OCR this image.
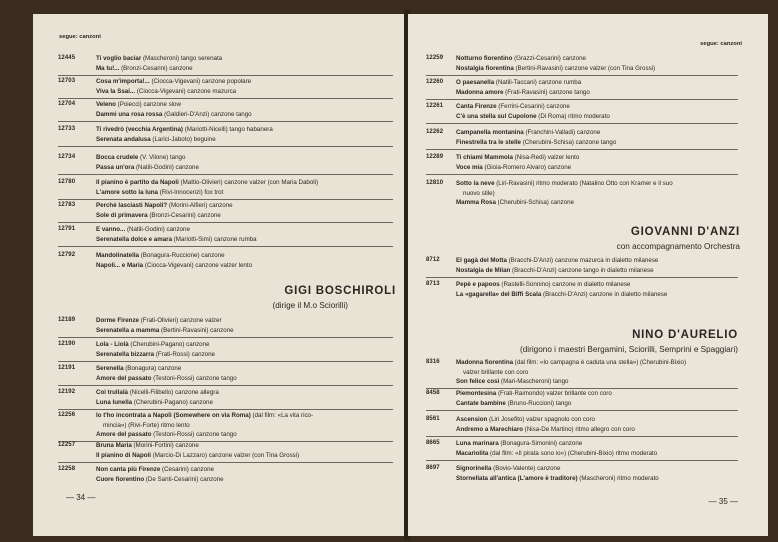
segue: canzoni
12445	Ti voglio baciar (Mascheroni) tango serenata
Ma tu!... (Bronzi-Cesarini) canzone
12703	Cosa m'importa!... (Ciocca-Vigevani) canzone popolare
Viva la Ssai... (Ciocca-Vigevani) canzone mazurca
12704	Veleno (Poiecci) canzone slow
Dammi una rosa rossa (Galdieri-D'Anzi) canzone tango
12733	Ti rivedrò (vecchia Argentina) (Mariotti-Nicelli) tango habanera
Serenata andalusa (Larici-Jaboto) beguine
12734	Bocca crudele (V. Vilone) tango
Passa un'ora (Natili-Godini) canzone
12780	Il pianino è partito da Napoli (Mattio-Olivieri) canzone valzer (con Maria Daboli)
L'amore sotto la luna (Rivi-Innocenzi) fox trot
12783	Perchè lasciasti Napoli? (Morini-Alfieri) canzone
Sole di primavera (Bronzi-Cesarini) canzone
12791	E vanno... (Natili-Godini) canzone
Serenatella dolce e amara (Mariotti-Simi) canzone rumba
12792	Mandolinatella (Bonagura-Ruccione) canzone
Napoli... e Maria (Ciocca-Vigevani) canzone valzer lento
GIGI BOSCHIROLI
(dirige il M.o Sciorilli)
12189	Dorme Firenze (Frati-Olivieri) canzone valzer
Serenatella a mamma (Bertini-Ravasini) canzone
12190	Lola - Liolà (Cherubini-Pagano) canzone
Serenatella bizzarra (Frati-Rossi) canzone
12191	Serenella (Bonagura) canzone
Amore del passato (Testoni-Rossi) canzone tango
12192	Coi trullalà (Nicelli-Filibello) canzone allegra
Luna lunella (Cherubini-Pagano) canzone
12256	Io t'ho incontrata a Napoli (Somewhere on via Roma) (dal film: «La vita rico-
mincia») (Rivi-Forte) ritmo lento
Amore del passato (Testoni-Rossi) canzone tango
12257	Bruna Maria (Morini-Fortini) canzone
Il pianino di Napoli (Marcio-Di Lazzaro) canzone valzer (con Tina Grossi)
12258	Non canta più Firenze (Cesarini) canzone
Cuore fiorentino (De Santi-Cesarini) canzone
— 34 —
segue: canzoni
12259 Notturno fiorentino (Grazzi-Cesarini) canzone
Nostalgia fiorentina (Bertini-Ravasini) canzone valzer (con Tina Grossi)
12260 O paesanella (Natili-Taccani) canzone rumba
Madonna amore (Frati-Ravasini) canzone tango
12261 Canta Firenze (Ferrini-Cesarini) canzone
C'è una stella sul Cupolone (Di Roma) ritmo moderato
12262 Campanella montanina (Franchini-Valladi) canzone
Finestrella tra le stelle (Cherubini-Schisa) canzone tango
12289 Ti chiami Mammola (Nisa-Redi) valzer lento
Voce mia (Gioia-Romero Alvaro) canzone
12810 Sotto la neve (Liri-Ravasini) ritmo moderato (Natalino Otto con Kramer e il suo
nuovo stile)
Mamma Rosa (Cherubini-Schisa) canzone
GIOVANNI D'ANZI
con accompagnamento Orchestra
8712	El gagà del Motta (Bracchi-D'Anzi) canzone mazurca in dialetto milanese
Nostalgia de Milan (Bracchi-D'Anzi) canzone tango in dialetto milanese
8713	Pepè e papoos (Rastelli-Sonnino) canzone in dialetto milanese
La «gagarella» del Biffi Scala (Bracchi-D'Anzi) canzone in dialetto milanese
NINO D'AURELIO
(dirigono i maestri Bergamini, Sciorilli, Semprini e Spaggiari)
8316	Madonna fiorentina (dal film: «Io campagna è caduta una stella») (Cherubini-Bixio)
valzer brillante con coro
Son felice così (Mari-Mascheroni) tango
8458	Piemontesina (Frati-Raimondo) valzer brillante con coro
Cantate bambine (Bruno-Ruccioni) tango
8561	Ascension (Liri Josefito) valzer spagnolo con coro
Andremo a Marechiaro (Nisa-De Martino) ritmo allegro con coro
8665	Luna marinara (Bonagura-Simonini) canzone
Macariolita (dal film: «Il pirata sono io») (Cherubini-Bixio) ritmo moderato
8697	Signorinella (Bovio-Valente) canzone
Stornellata all'antica (L'amore è traditore) (Mascheroni) ritmo moderato
— 35 —
